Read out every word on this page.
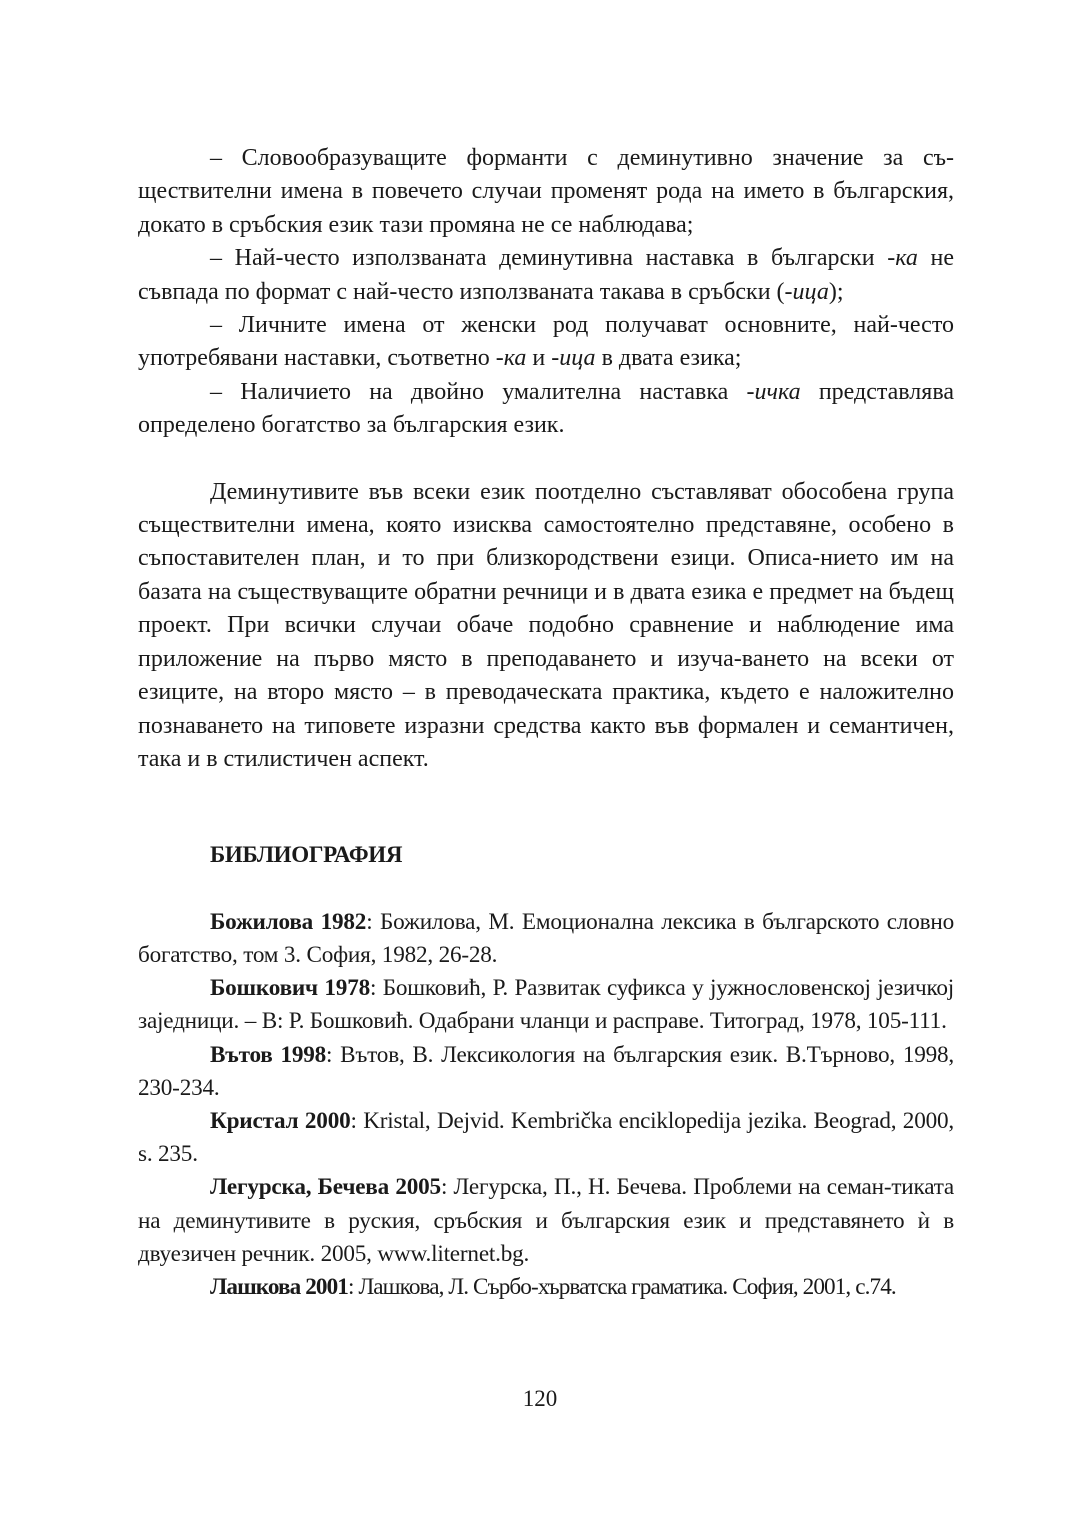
– Словообразуващите форманти с деминутивно значение за съ-ществителни имена в повечето случаи променят рода на името в българския, докато в сръбския език тази промяна не се наблюдава;

– Най-често използваната деминутивна наставка в български -ка не съвпада по формат с най-често използваната такава в сръбски (-ица);

– Личните имена от женски род получават основните, най-често употребявани наставки, съответно -ка и -ица в двата езика;

– Наличието на двойно умалителна наставка -ичка представлява определено богатство за българския език.

Деминутивите във всеки език поотделно съставляват обособена група съществителни имена, която изисква самостоятелно представяне, особено в съпоставителен план, и то при близкородствени езици. Описа-нието им на базата на съществуващите обратни речници и в двата езика е предмет на бъдещ проект. При всички случаи обаче подобно сравнение и наблюдение има приложение на първо място в преподаването и изуча-ването на всеки от езиците, на второ място – в преводаческата практика, където е наложително познаването на типовете изразни средства както във формален и семантичен, така и в стилистичен аспект.

БИБЛИОГРАФИЯ

Божилова 1982: Божилова, М. Емоционална лексика в българското словно богатство, том 3. София, 1982, 26-28.

Бошкович 1978: Бошковић, Р. Развитак суфикса у јужнословенској језичкој заједници. – В: Р. Бошковић. Одабрани чланци и расправе. Титоград, 1978, 105-111.

Вътов 1998: Вътов, В. Лексикология на българския език. В.Търново, 1998, 230-234.

Кристал 2000: Kristal, Dejvid. Kembrička enciklopedija jezika. Beograd, 2000, s. 235.

Легурска, Бечева 2005: Легурска, П., Н. Бечева. Проблеми на семан-тиката на деминутивите в руския, сръбския и българския език и представянето ѝ в двуезичен речник. 2005, www.liternet.bg.

Лашкова 2001: Лашкова, Л. Сърбо-хърватска граматика. София, 2001, с.74.

120
